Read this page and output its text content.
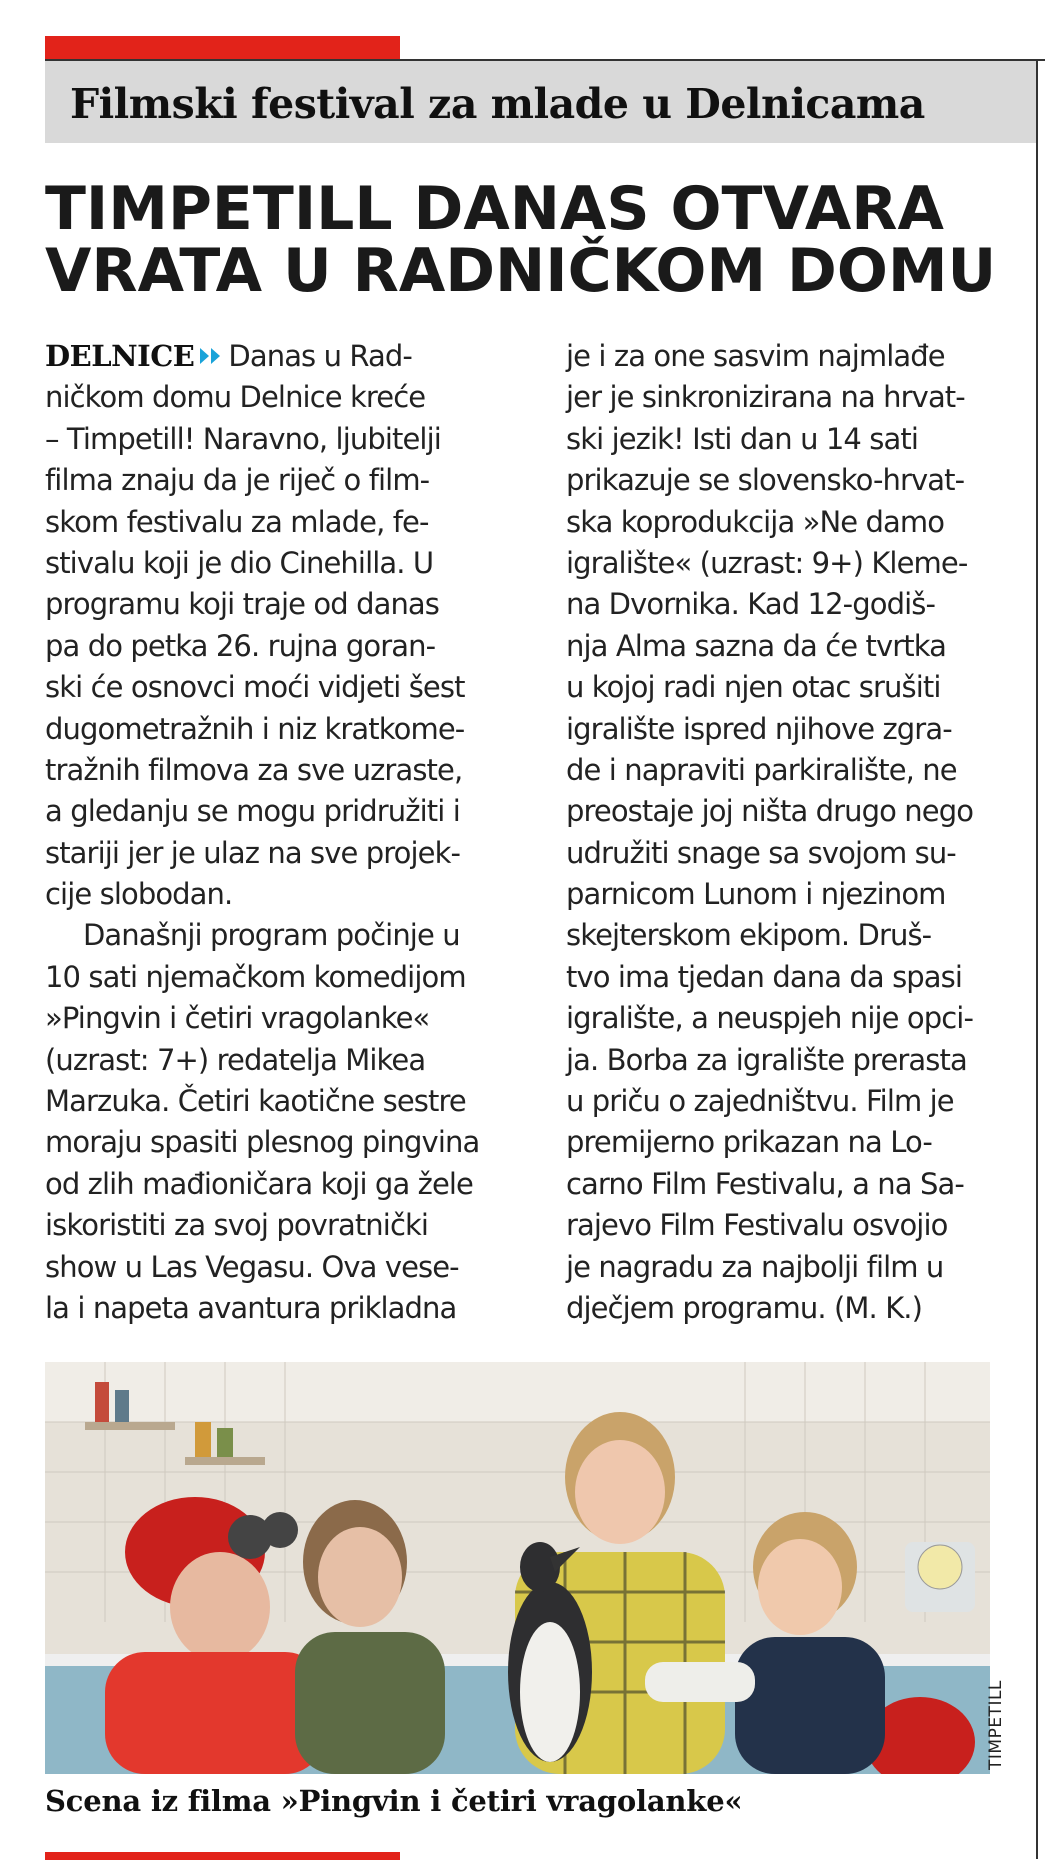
Filmski festival za mlade u Delnicama
TIMPETILL DANAS OTVARA
VRATA U RADNIČKOM DOMU
DELNICE Danas u Rad-
ničkom domu Delnice kreće
– Timpetill! Naravno, ljubitelji
filma znaju da je riječ o film-
skom festivalu za mlade, fe-
stivalu koji je dio Cinehilla. U
programu koji traje od danas
pa do petka 26. rujna goran-
ski će osnovci moći vidjeti šest
dugometražnih i niz kratkome-
tražnih filmova za sve uzraste,
a gledanju se mogu pridružiti i
stariji jer je ulaz na sve projek-
cije slobodan.
Današnji program počinje u
10 sati njemačkom komedijom
»Pingvin i četiri vragolanke«
(uzrast: 7+) redatelja Mikea
Marzuka. Četiri kaotične sestre
moraju spasiti plesnog pingvina
od zlih mađioničara koji ga žele
iskoristiti za svoj povratnički
show u Las Vegasu. Ova vese-
la i napeta avantura prikladna
je i za one sasvim najmlađe
jer je sinkronizirana na hrvat-
ski jezik! Isti dan u 14 sati
prikazuje se slovensko-hrvat-
ska koprodukcija »Ne damo
igralište« (uzrast: 9+) Kleme-
na Dvornika. Kad 12-godiš-
nja Alma sazna da će tvrtka
u kojoj radi njen otac srušiti
igralište ispred njihove zgra-
de i napraviti parkiralište, ne
preostaje joj ništa drugo nego
udružiti snage sa svojom su-
parnicom Lunom i njezinom
skejterskom ekipom. Druš-
tvo ima tjedan dana da spasi
igralište, a neuspjeh nije opci-
ja. Borba za igralište prerasta
u priču o zajedništvu. Film je
premijerno prikazan na Lo-
carno Film Festivalu, a na Sa-
rajevo Film Festivalu osvojio
je nagradu za najbolji film u
dječjem programu. (M. K.)
TIMPETILL
Scena iz filma »Pingvin i četiri vragolanke«
